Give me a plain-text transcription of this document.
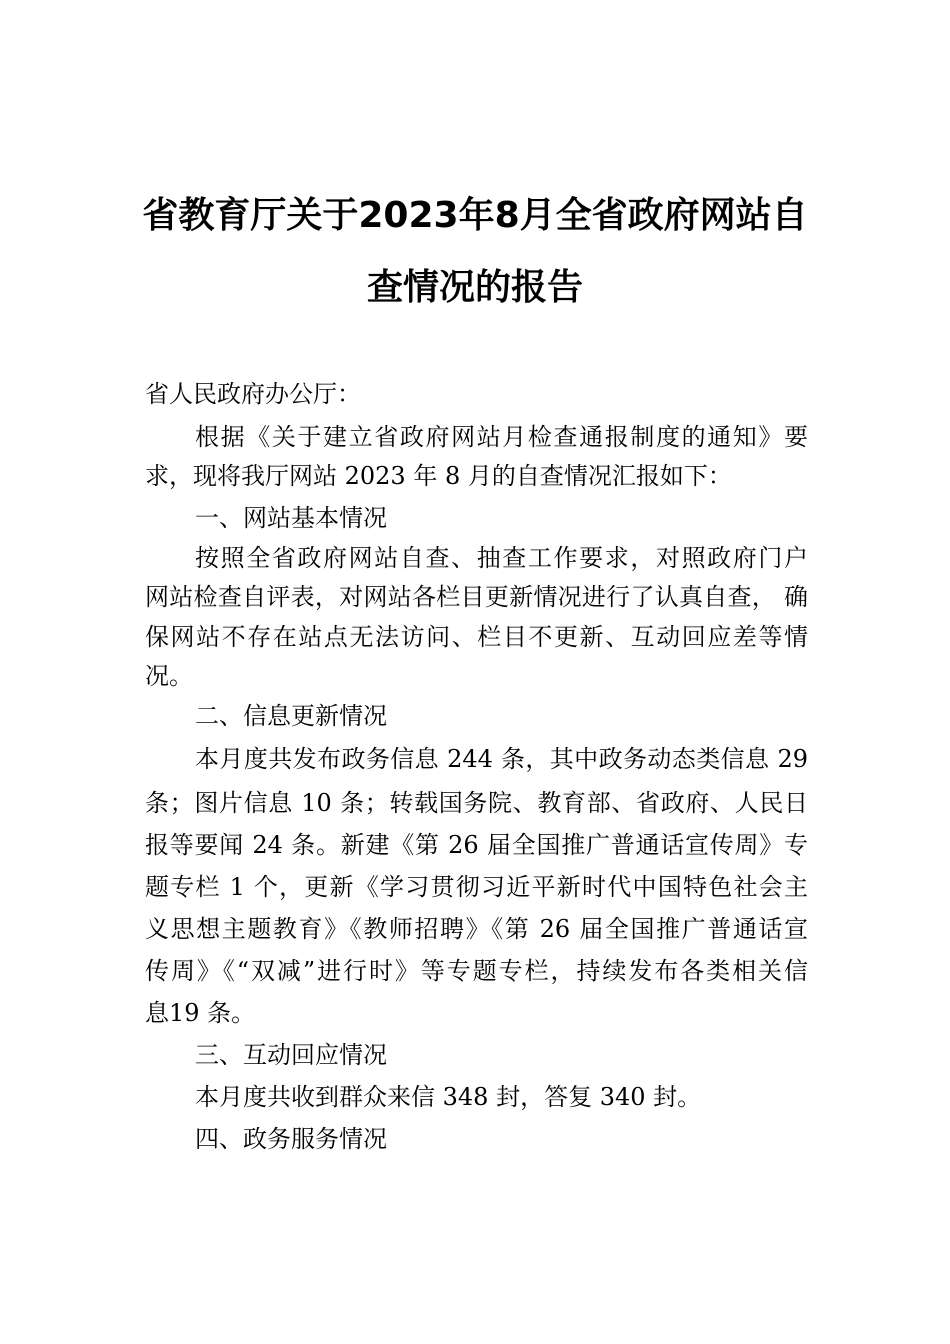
省教育厅关于2023年8月全省政府网站自
查情况的报告
省人民政府办公厅：
根据《关于建立省政府网站月检查通报制度的通知》要
求，现将我厅网站 2023 年 8 月的自查情况汇报如下：
一、网站基本情况
按照全省政府网站自查、抽查工作要求，对照政府门户
网站检查自评表，对网站各栏目更新情况进行了认真自查， 确
保网站不存在站点无法访问、栏目不更新、互动回应差等情
况。
二、信息更新情况
本月度共发布政务信息 244 条，其中政务动态类信息 29
条；图片信息 10 条；转载国务院、教育部、省政府、人民日
报等要闻 24 条。新建《第 26 届全国推广普通话宣传周》专
题专栏 1 个，更新《学习贯彻习近平新时代中国特色社会主
义思想主题教育》《教师招聘》《第 26 届全国推广普通话宣
传周》《“双减”进行时》等专题专栏，持续发布各类相关信
息19 条。
三、互动回应情况
本月度共收到群众来信 348 封，答复 340 封。
四、政务服务情况
